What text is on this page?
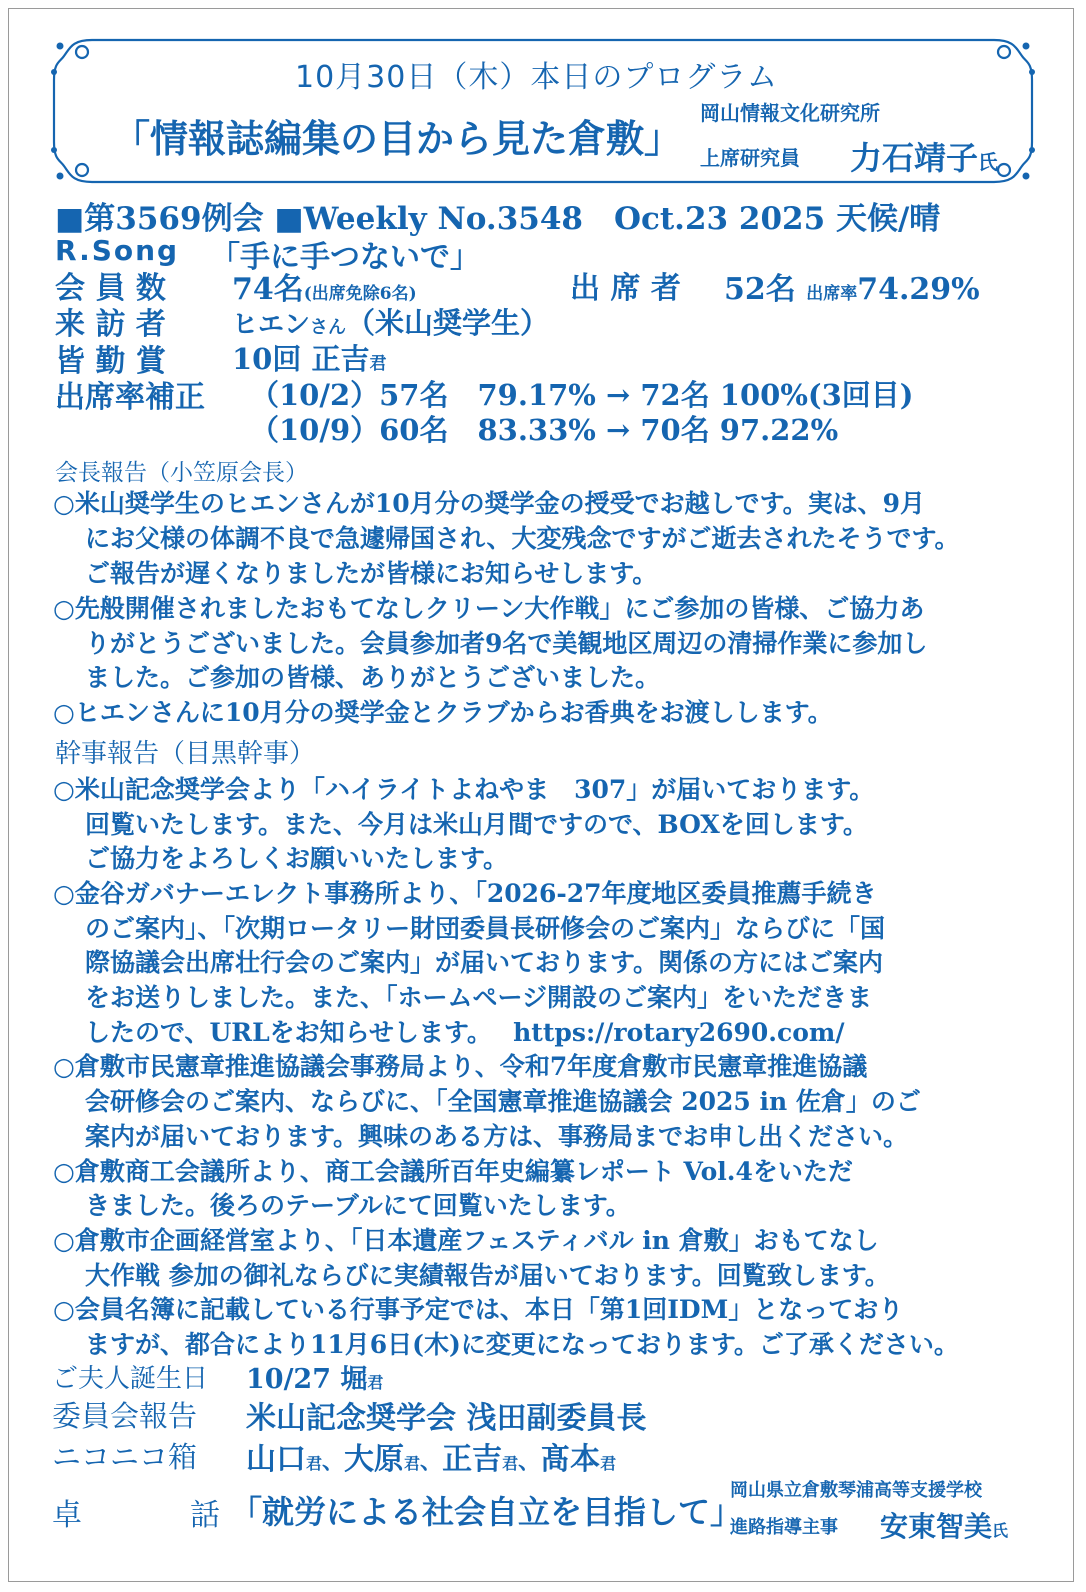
10月30日（木）本日のプログラム
「情報誌編集の目から見た倉敷」
岡山情報文化研究所
上席研究員 力石靖子氏
■第3569例会 ■Weekly No.3548　Oct.23 2025 天候/晴
R.Song 「手に手つないで」
会 員 数 74名(出席免除6名)	出 席 者 52名 出席率74.29%
来 訪 者	ヒエンさん（米山奨学生）
皆 勤 賞 10回 正吉君
出席率補正 （10/2）57名　79.17% → 72名 100%(3回目)
（10/9）60名　83.33% → 70名 97.22%
会長報告（小笠原会長）
○米山奨学生のヒエンさんが10月分の奨学金の授受でお越しです。実は、9月
にお父様の体調不良で急遽帰国され、大変残念ですがご逝去されたそうです。
ご報告が遅くなりましたが皆様にお知らせします。
○先般開催されましたおもてなしクリーン大作戦」にご参加の皆様、ご協力あ
りがとうございました。会員参加者9名で美観地区周辺の清掃作業に参加し
ました。ご参加の皆様、ありがとうございました。
○ヒエンさんに10月分の奨学金とクラブからお香典をお渡しします。
幹事報告（目黒幹事）
○米山記念奨学会より「ハイライトよねやま　307」が届いております。
回覧いたします。また、今月は米山月間ですので、BOXを回します。
ご協力をよろしくお願いいたします。
○金谷ガバナーエレクト事務所より、「2026-27年度地区委員推薦手続き
のご案内」、「次期ロータリー財団委員長研修会のご案内」ならびに「国
際協議会出席壮行会のご案内」が届いております。関係の方にはご案内
をお送りしました。また、「ホームページ開設のご案内」をいただきま
したので、URLをお知らせします。　 https://rotary2690.com/
○倉敷市民憲章推進協議会事務局より、令和7年度倉敷市民憲章推進協議
会研修会のご案内、ならびに、「全国憲章推進協議会 2025 in 佐倉」のご
案内が届いております。興味のある方は、事務局までお申し出ください。
○倉敷商工会議所より、商工会議所百年史編纂レポート Vol.4をいただ
きました。後ろのテーブルにて回覧いたします。
○倉敷市企画経営室より、「日本遺産フェスティバル in 倉敷」おもてなし
大作戦 参加の御礼ならびに実績報告が届いております。回覧致します。
○会員名簿に記載している行事予定では、本日「第1回IDM」となっており
ますが、都合により11月6日(木)に変更になっております。ご了承ください。
ご夫人誕生日 10/27 堀君
委員会報告 米山記念奨学会 浅田副委員長
ニコニコ箱 山口君、大原君、正吉君、髙本君
卓	話 「就労による社会自立を目指して」
岡山県立倉敷琴浦高等支援学校
進路指導主事 安東智美氏
